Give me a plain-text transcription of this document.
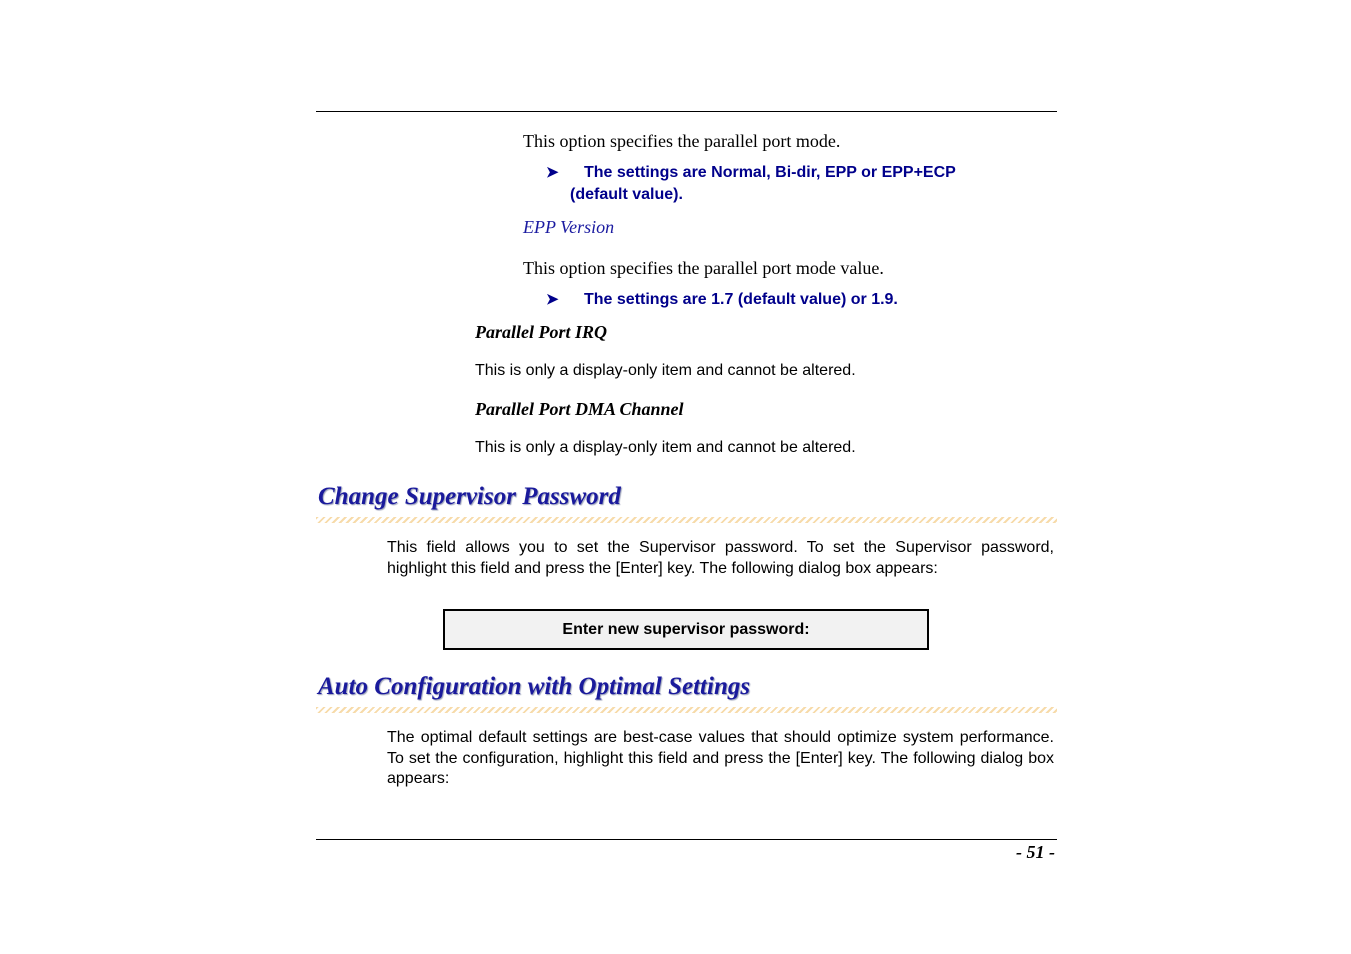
This option specifies the parallel port mode.
➤ The settings are Normal, Bi-dir, EPP or EPP+ECP
(default value).
EPP Version
This option specifies the parallel port mode value.
➤ The settings are 1.7 (default value) or 1.9.
Parallel Port IRQ
This is only a display-only item and cannot be altered.
Parallel Port DMA Channel
This is only a display-only item and cannot be altered.
Change Supervisor Password
This field allows you to set the Supervisor password. To set the Supervisor password, highlight this field and press the [Enter] key. The following dialog box appears:
Enter new supervisor password:
Auto Configuration with Optimal Settings
The optimal default settings are best-case values that should optimize system performance. To set the configuration, highlight this field and press the [Enter] key. The following dialog box appears:
- 51 -
